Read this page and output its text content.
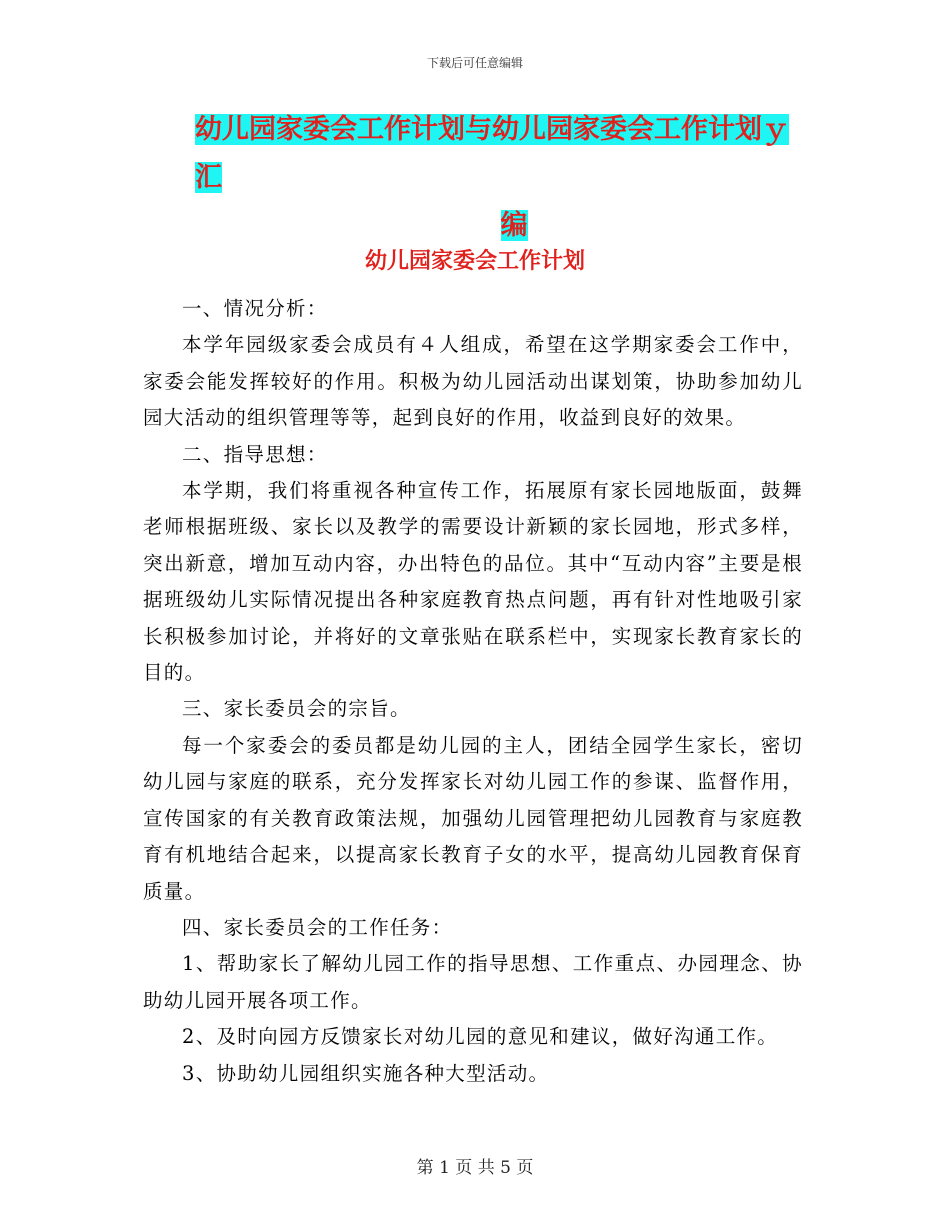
下载后可任意编辑
幼儿园家委会工作计划与幼儿园家委会工作计划ｙ汇
编
幼儿园家委会工作计划

一、情况分析：

本学年园级家委会成员有４人组成，希望在这学期家委会工作中，家委会能发挥较好的作用。积极为幼儿园活动出谋划策，协助参加幼儿园大活动的组织管理等等，起到良好的作用，收益到良好的效果。

二、指导思想：

本学期，我们将重视各种宣传工作，拓展原有家长园地版面，鼓舞老师根据班级、家长以及教学的需要设计新颖的家长园地，形式多样，突出新意，增加互动内容，办出特色的品位。其中“互动内容”主要是根据班级幼儿实际情况提出各种家庭教育热点问题，再有针对性地吸引家长积极参加讨论，并将好的文章张贴在联系栏中，实现家长教育家长的目的。

三、家长委员会的宗旨。

每一个家委会的委员都是幼儿园的主人，团结全园学生家长，密切幼儿园与家庭的联系，充分发挥家长对幼儿园工作的参谋、监督作用，宣传国家的有关教育政策法规，加强幼儿园管理把幼儿园教育与家庭教育有机地结合起来，以提高家长教育子女的水平，提高幼儿园教育保育质量。

四、家长委员会的工作任务：

1、帮助家长了解幼儿园工作的指导思想、工作重点、办园理念、协助幼儿园开展各项工作。

2、及时向园方反馈家长对幼儿园的意见和建议，做好沟通工作。

3、协助幼儿园组织实施各种大型活动。

第 1 页 共 5 页
